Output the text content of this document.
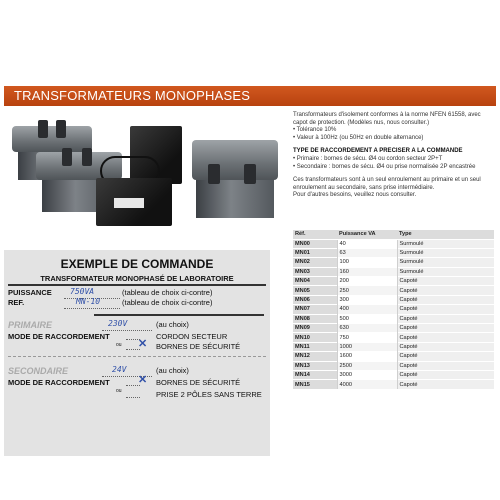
TRANSFORMATEURS MONOPHASES

Transformateurs d'isolement conformes à la norme NFEN 61558, avec capot de protection. (Modèles nus, nous consulter.)

• Tolérance 10%

• Valeur à 100Hz (ou 50Hz en double alternance)

TYPE DE RACCORDEMENT A PRECISER A LA COMMANDE

• Primaire : bornes de sécu. Ø4 ou cordon secteur 2P+T

• Secondaire : bornes de sécu. Ø4 ou prise normalisée 2P encastrée

Ces transformateurs sont à un seul enroulement au primaire et un seul enroulement au secondaire, sans prise intermédiaire.

Pour d'autres besoins, veuillez nous consulter.

EXEMPLE DE COMMANDE
TRANSFORMATEUR MONOPHASÉ DE LABORATOIRE
PUISSANCE 750VA	(tableau de choix ci-contre)
REF.	MN-10	(tableau de choix ci-contre)
PRIMAIRE	230V	(au choix)
MODE DE RACCORDEMENT	CORDON SECTEUR
ou ✕ BORNES DE SÉCURITÉ
SECONDAIRE	24V	(au choix)
MODE DE RACCORDEMENT	✕ BORNES DE SÉCURITÉ
ou	PRISE 2 PÔLES SANS TERRE
Réf.	Puissance VA	Type
MN00	40	Surmoulé
MN01	63	Surmoulé
MN02	100	Surmoulé
MN03	160	Surmoulé
MN04	200	Capoté
MN05	250	Capoté
MN06	300	Capoté
MN07	400	Capoté
MN08	500	Capoté
MN09	630	Capoté
MN10	750	Capoté
MN11	1000	Capoté
MN12	1600	Capoté
MN13	2500	Capoté
MN14	3000	Capoté
MN15	4000	Capoté
